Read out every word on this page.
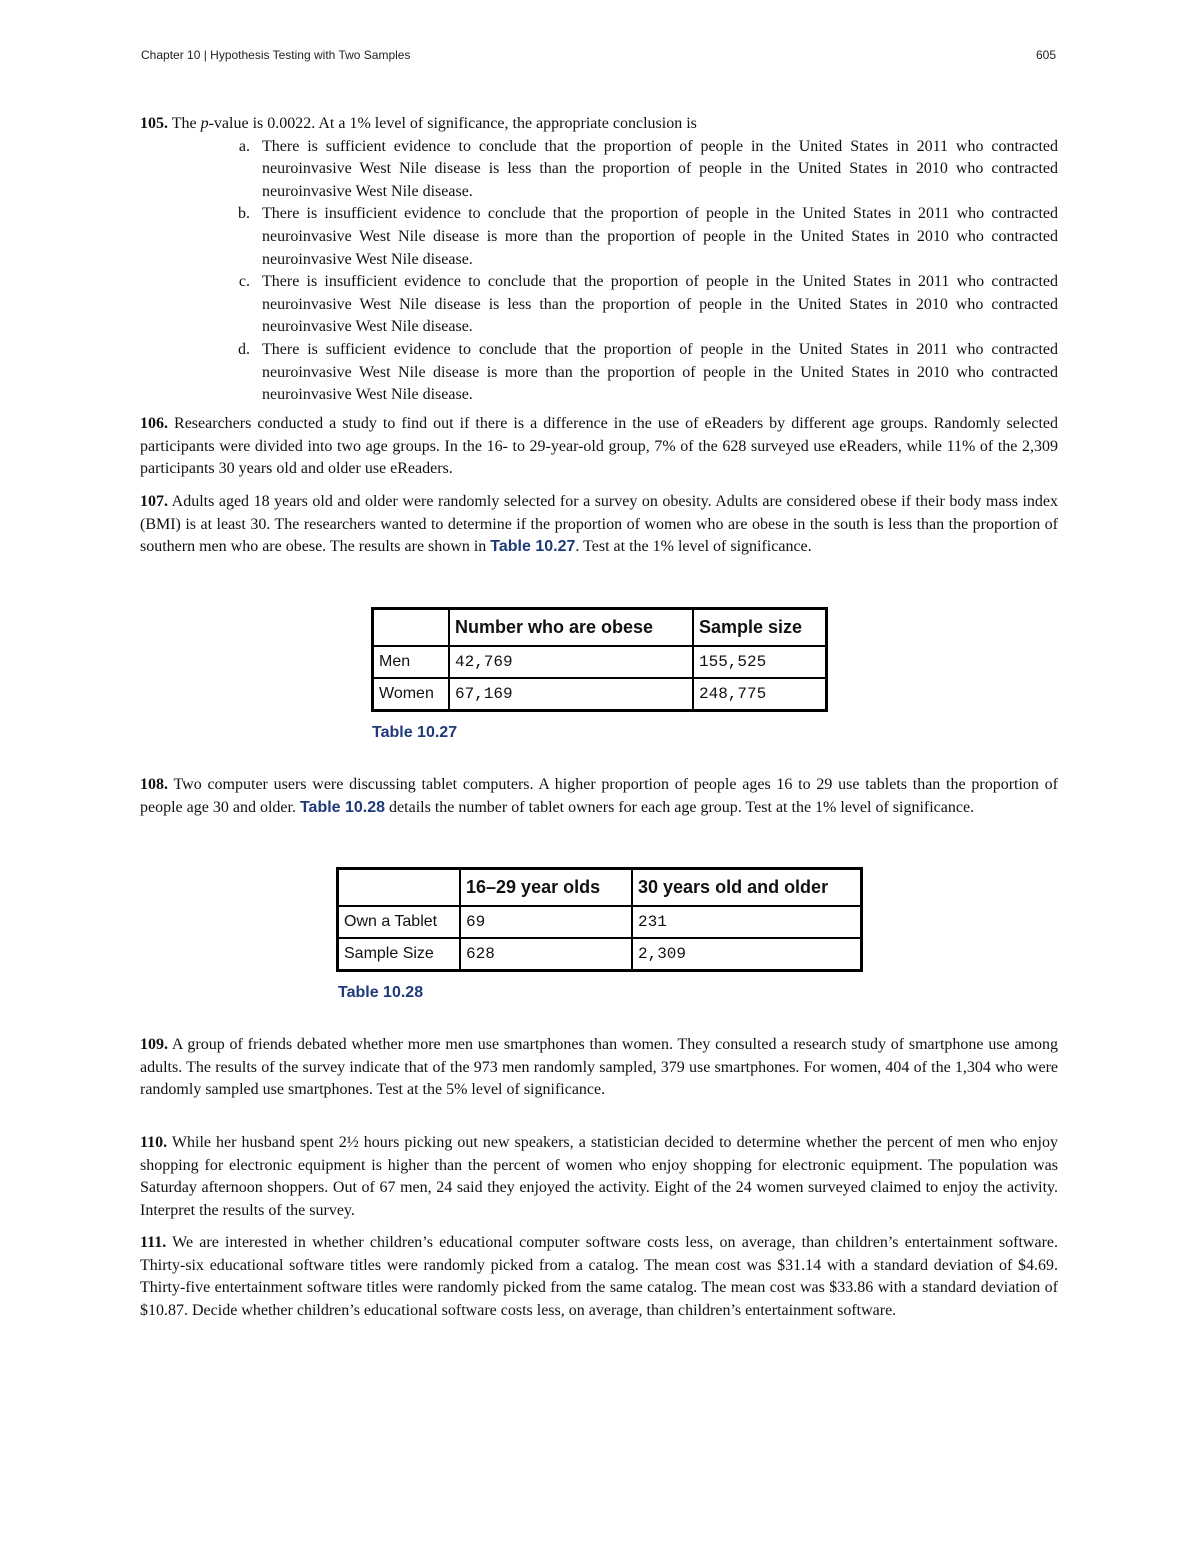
Chapter 10 | Hypothesis Testing with Two Samples	605
105. The p-value is 0.0022. At a 1% level of significance, the appropriate conclusion is
a. There is sufficient evidence to conclude that the proportion of people in the United States in 2011 who contracted neuroinvasive West Nile disease is less than the proportion of people in the United States in 2010 who contracted neuroinvasive West Nile disease.
b. There is insufficient evidence to conclude that the proportion of people in the United States in 2011 who contracted neuroinvasive West Nile disease is more than the proportion of people in the United States in 2010 who contracted neuroinvasive West Nile disease.
c. There is insufficient evidence to conclude that the proportion of people in the United States in 2011 who contracted neuroinvasive West Nile disease is less than the proportion of people in the United States in 2010 who contracted neuroinvasive West Nile disease.
d. There is sufficient evidence to conclude that the proportion of people in the United States in 2011 who contracted neuroinvasive West Nile disease is more than the proportion of people in the United States in 2010 who contracted neuroinvasive West Nile disease.
106. Researchers conducted a study to find out if there is a difference in the use of eReaders by different age groups. Randomly selected participants were divided into two age groups. In the 16- to 29-year-old group, 7% of the 628 surveyed use eReaders, while 11% of the 2,309 participants 30 years old and older use eReaders.
107. Adults aged 18 years old and older were randomly selected for a survey on obesity. Adults are considered obese if their body mass index (BMI) is at least 30. The researchers wanted to determine if the proportion of women who are obese in the south is less than the proportion of southern men who are obese. The results are shown in Table 10.27. Test at the 1% level of significance.
	Number who are obese	Sample size
Men	42,769	155,525
Women	67,169	248,775
Table 10.27
108. Two computer users were discussing tablet computers. A higher proportion of people ages 16 to 29 use tablets than the proportion of people age 30 and older. Table 10.28 details the number of tablet owners for each age group. Test at the 1% level of significance.
	16–29 year olds	30 years old and older
Own a Tablet	69	231
Sample Size	628	2,309
Table 10.28
109. A group of friends debated whether more men use smartphones than women. They consulted a research study of smartphone use among adults. The results of the survey indicate that of the 973 men randomly sampled, 379 use smartphones. For women, 404 of the 1,304 who were randomly sampled use smartphones. Test at the 5% level of significance.
110. While her husband spent 2½ hours picking out new speakers, a statistician decided to determine whether the percent of men who enjoy shopping for electronic equipment is higher than the percent of women who enjoy shopping for electronic equipment. The population was Saturday afternoon shoppers. Out of 67 men, 24 said they enjoyed the activity. Eight of the 24 women surveyed claimed to enjoy the activity. Interpret the results of the survey.
111. We are interested in whether children’s educational computer software costs less, on average, than children’s entertainment software. Thirty-six educational software titles were randomly picked from a catalog. The mean cost was $31.14 with a standard deviation of $4.69. Thirty-five entertainment software titles were randomly picked from the same catalog. The mean cost was $33.86 with a standard deviation of $10.87. Decide whether children’s educational software costs less, on average, than children’s entertainment software.
